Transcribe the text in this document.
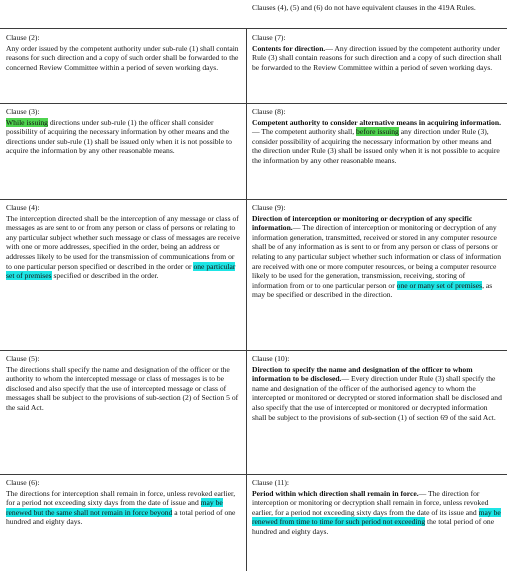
Clauses (4), (5) and (6) do not have equivalent clauses in the 419A Rules.
Clause (2):
Any order issued by the competent authority under sub-rule (1) shall contain reasons for such direction and a copy of such order shall be forwarded to the concerned Review Committee within a period of seven working days.
Clause (7):
Contents for direction.— Any direction issued by the competent authority under Rule (3) shall contain reasons for such direction and a copy of such direction shall be forwarded to the Review Committee within a period of seven working days.
Clause (3):
While issuing directions under sub-rule (1) the officer shall consider possibility of acquiring the necessary information by other means and the directions under sub-rule (1) shall be issued only when it is not possible to acquire the information by any other reasonable means.
Clause (8):
Competent authority to consider alternative means in acquiring information.— The competent authority shall, before issuing any direction under Rule (3), consider possibility of acquiring the necessary information by other means and the direction under Rule (3) shall be issued only when it is not possible to acquire the information by any other reasonable means.
Clause (4):
The interception directed shall be the interception of any message or class of messages as are sent to or from any person or class of persons or relating to any particular subject whether such message or class of messages are receive with one or more addresses, specified in the order, being an address or addresses likely to be used for the transmission of communications from or to one particular person specified or described in the order or one particular set of premises specified or described in the order.
Clause (9):
Direction of interception or monitoring or decryption of any specific information.— The direction of interception or monitoring or decryption of any information generation, transmitted, received or stored in any computer resource shall be of any information as is sent to or from any person or class of persons or relating to any particular subject whether such information or class of information are received with one or more computer resources, or being a computer resource likely to be used for the generation, transmission, receiving, storing of information from or to one particular person or one or many set of premises, as may be specified or described in the direction.
Clause (5):
The directions shall specify the name and designation of the officer or the authority to whom the intercepted message or class of messages is to be disclosed and also specify that the use of intercepted message or class of messages shall be subject to the provisions of sub-section (2) of Section 5 of the said Act.
Clause (10):
Direction to specify the name and designation of the officer to whom information to be disclosed.— Every direction under Rule (3) shall specify the name and designation of the officer of the authorised agency to whom the intercepted or monitored or decrypted or stored information shall be disclosed and also specify that the use of intercepted or monitored or decrypted information shall be subject to the provisions of sub-section (1) of section 69 of the said Act.
Clause (6):
The directions for interception shall remain in force, unless revoked earlier, for a period not exceeding sixty days from the date of issue and may be renewed but the same shall not remain in force beyond a total period of one hundred and eighty days.
Clause (11):
Period within which direction shall remain in force.— The direction for interception or monitoring or decryption shall remain in force, unless revoked earlier, for a period not exceeding sixty days from the date of its issue and may be renewed from time to time for such period not exceeding the total period of one hundred and eighty days.
